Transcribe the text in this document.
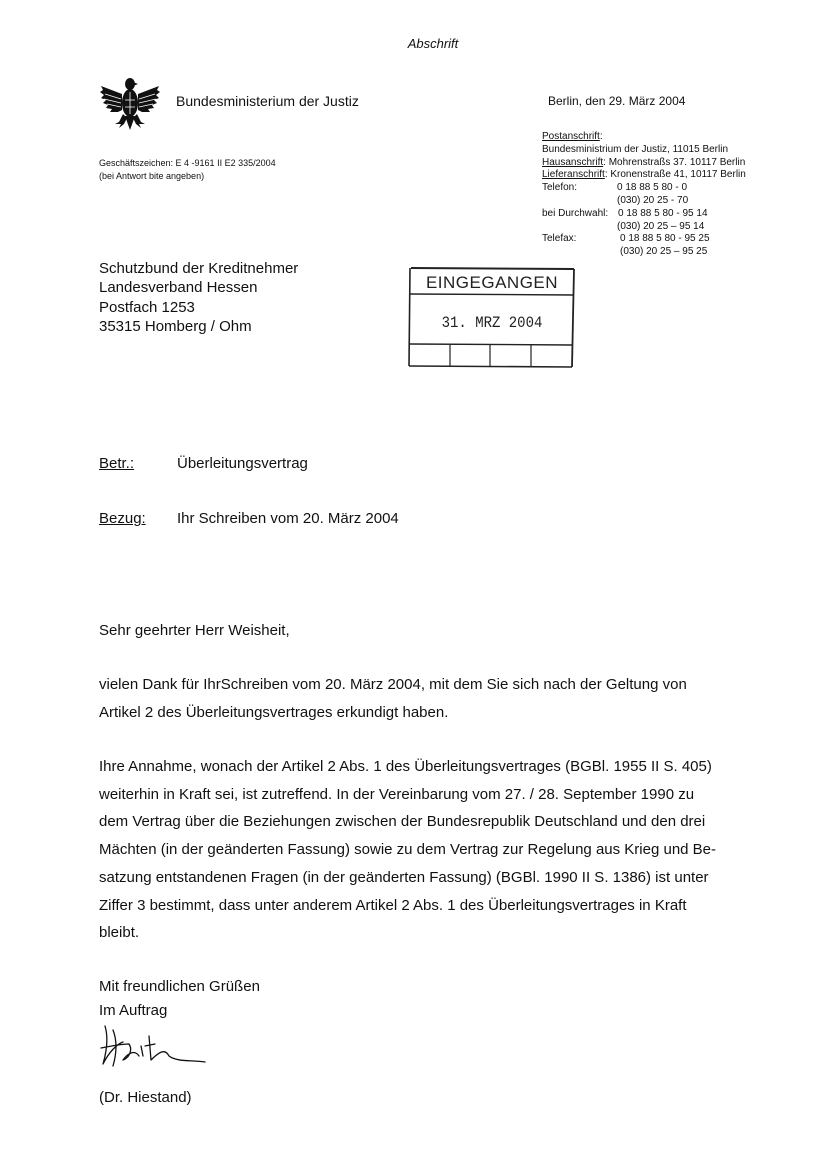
Abschrift
Bundesministerium der Justiz	Berlin, den 29. März 2004
Geschäftszeichen: E 4 -9161 II E2 335/2004
(bei Antwort bite angeben)
Postanschrift:
Bundesministrium der Justiz, 11015 Berlin
Hausanschrift: Mohrenstraßs 37. 10117 Berlin
Lieferanschrift: Kronenstraße 41, 10117 Berlin
Telefon:	0 18 88 5 80 - 0
(030) 20 25 - 70
bei Durchwahl: 0 18 88 5 80 - 95 14
(030) 20 25 – 95 14
Telefax:	0 18 88 5 80 - 95 25
(030) 20 25 – 95 25
Schutzbund der Kreditnehmer
Landesverband Hessen
Postfach 1253
35315 Homberg / Ohm
EINGEGANGEN
31. MRZ 2004
Betr.:	Überleitungsvertrag
Bezug: Ihr Schreiben vom 20. März 2004
Sehr geehrter Herr Weisheit,
vielen Dank für IhrSchreiben vom 20. März 2004, mit dem Sie sich nach der Geltung von
Artikel 2 des Überleitungsvertrages erkundigt haben.
Ihre Annahme, wonach der Artikel 2 Abs. 1 des Überleitungsvertrages (BGBl. 1955 II S. 405)
weiterhin in Kraft sei, ist zutreffend. In der Vereinbarung vom 27. / 28. September 1990 zu
dem Vertrag über die Beziehungen zwischen der Bundesrepublik Deutschland und den drei
Mächten (in der geänderten Fassung) sowie zu dem Vertrag zur Regelung aus Krieg und Be-
satzung entstandenen Fragen (in der geänderten Fassung) (BGBl. 1990 II S. 1386) ist unter
Ziffer 3 bestimmt, dass unter anderem Artikel 2 Abs. 1 des Überleitungsvertrages in Kraft
bleibt.
Mit freundlichen Grüßen
Im Auftrag
(Dr. Hiestand)
